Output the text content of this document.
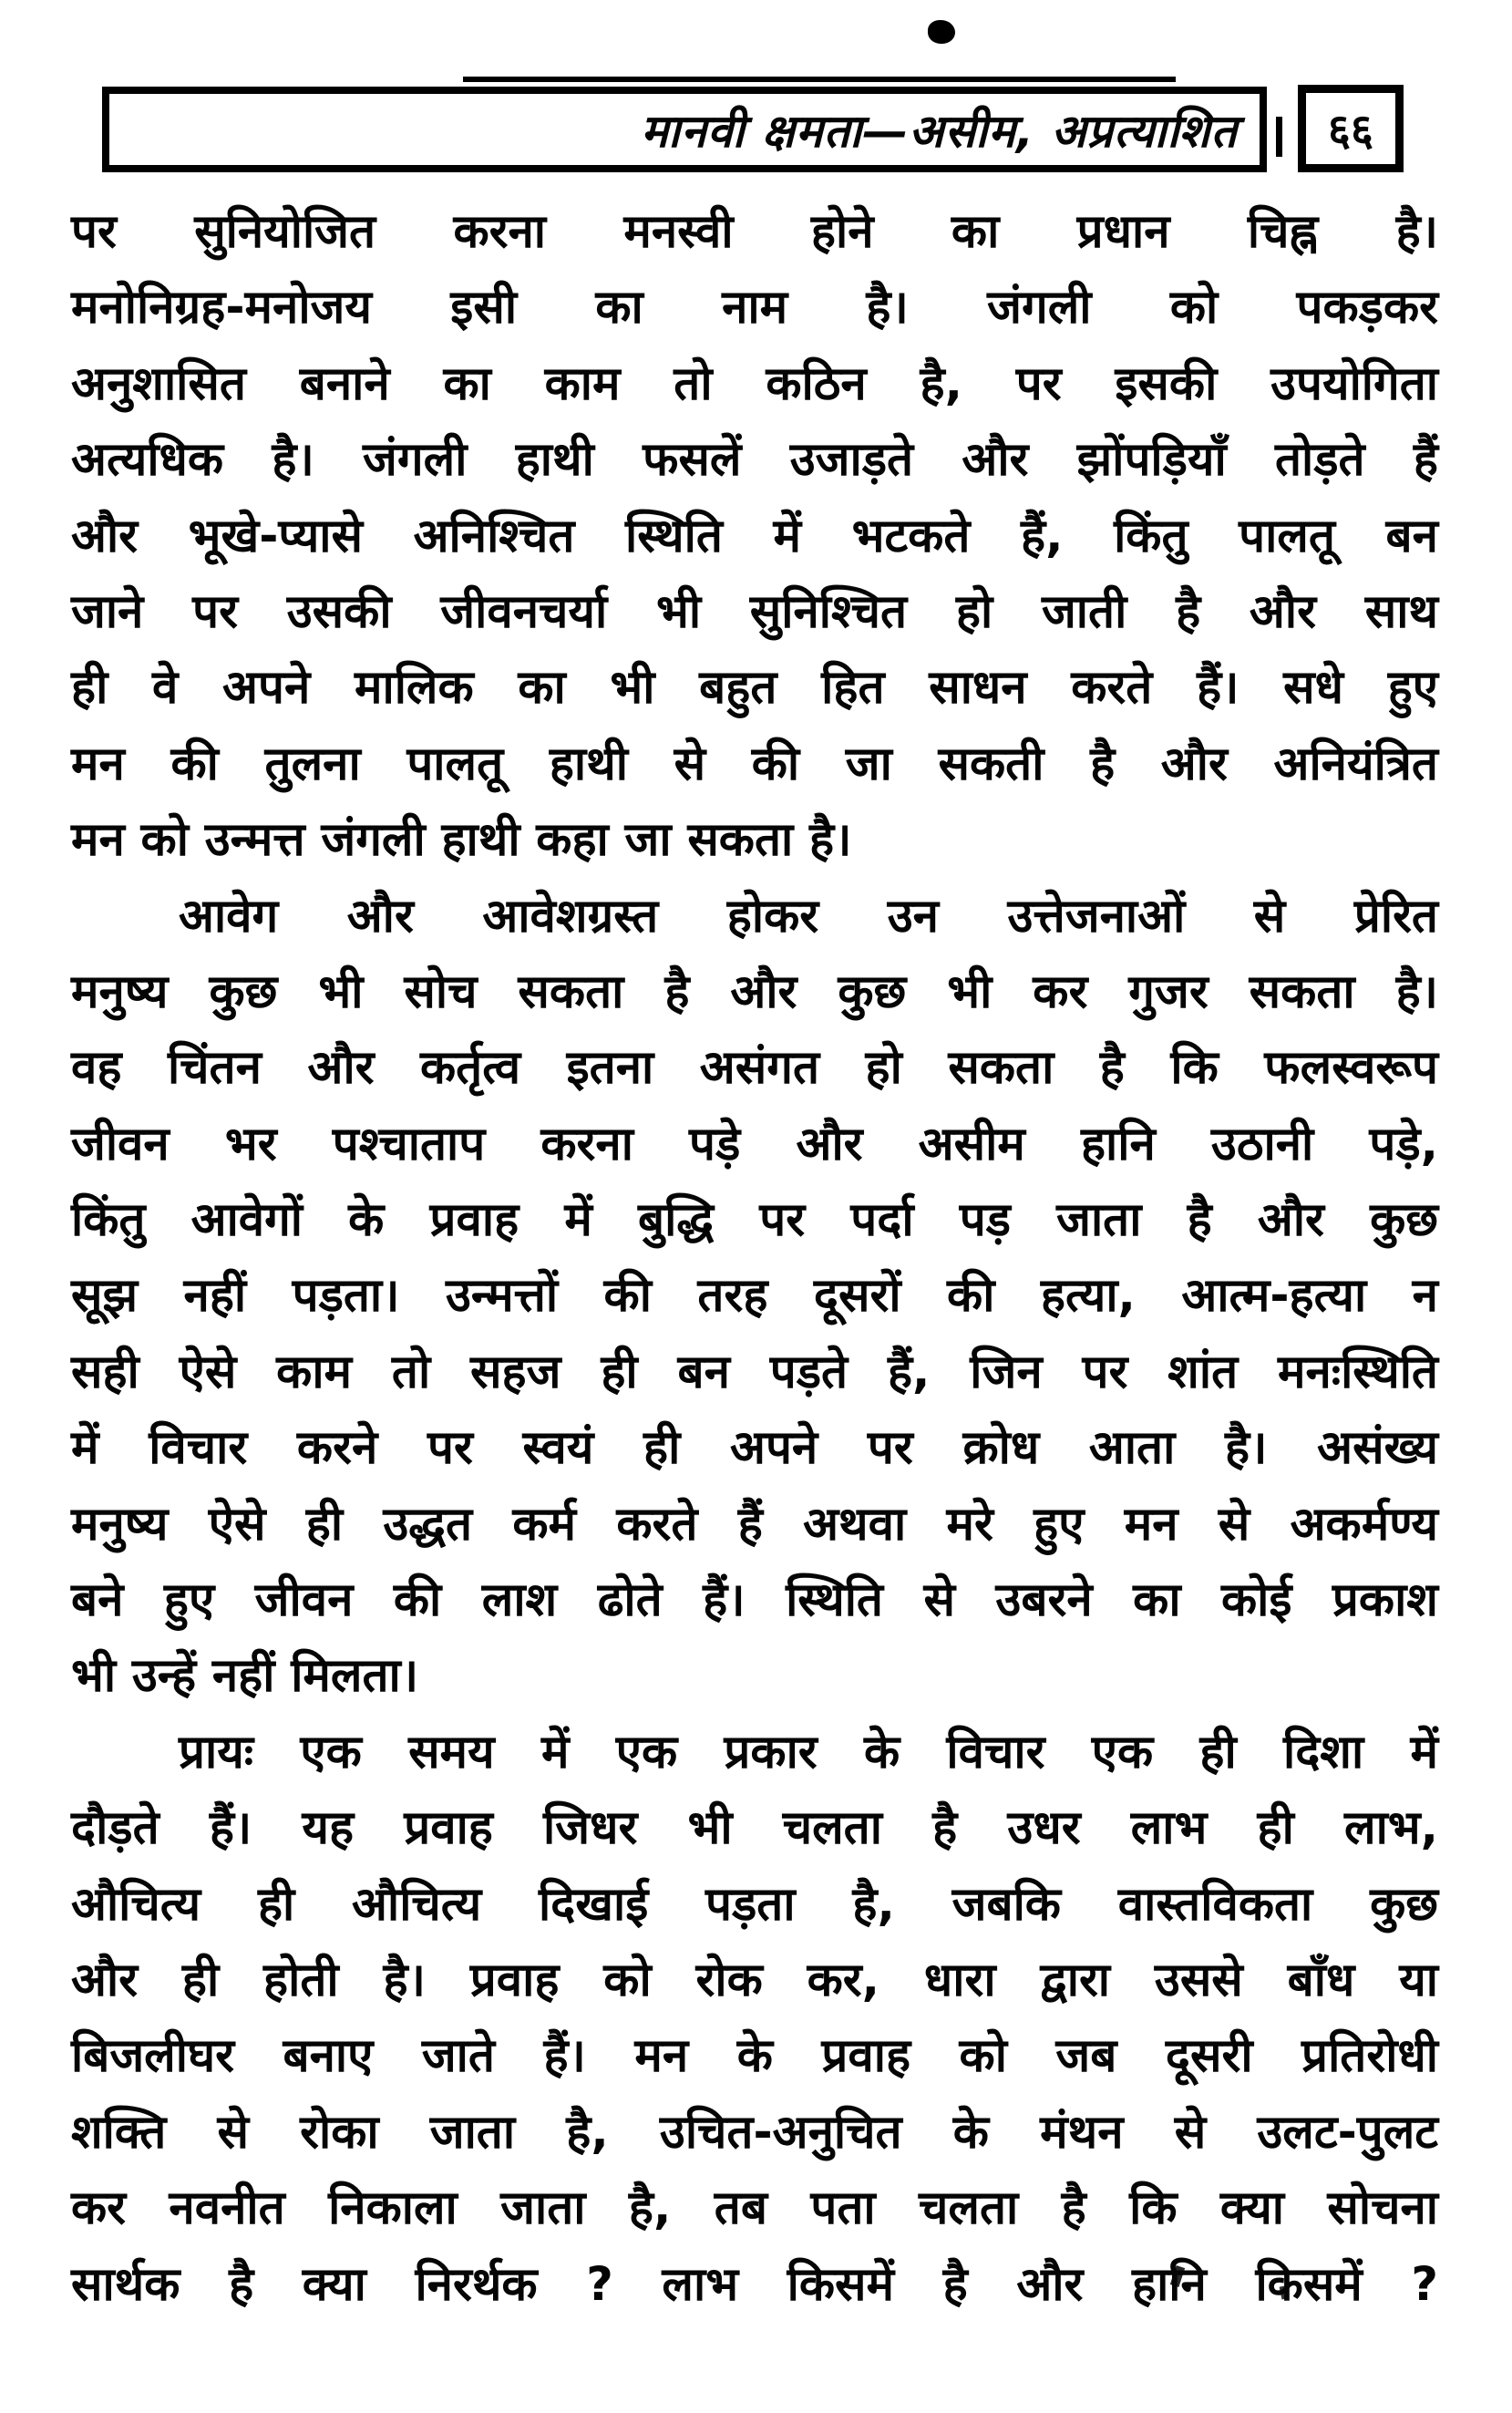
मानवी क्षमता—असीम, अप्रत्याशित ६६
पर सुनियोजित करना मनस्वी होने का प्रधान चिह्न है।
मनोनिग्रह-मनोजय इसी का नाम है। जंगली को पकड़कर
अनुशासित बनाने का काम तो कठिन है, पर इसकी उपयोगिता
अत्यधिक है। जंगली हाथी फसलें उजाड़ते और झोंपड़ियाँ तोड़ते हैं
और भूखे-प्यासे अनिश्चित स्थिति में भटकते हैं, किंतु पालतू बन
जाने पर उसकी जीवनचर्या भी सुनिश्चित हो जाती है और साथ
ही वे अपने मालिक का भी बहुत हित साधन करते हैं। सधे हुए
मन की तुलना पालतू हाथी से की जा सकती है और अनियंत्रित
मन को उन्मत्त जंगली हाथी कहा जा सकता है।
आवेग और आवेशग्रस्त होकर उन उत्तेजनाओं से प्रेरित
मनुष्य कुछ भी सोच सकता है और कुछ भी कर गुजर सकता है।
वह चिंतन और कर्तृत्व इतना असंगत हो सकता है कि फलस्वरूप
जीवन भर पश्चाताप करना पड़े और असीम हानि उठानी पड़े,
किंतु आवेगों के प्रवाह में बुद्धि पर पर्दा पड़ जाता है और कुछ
सूझ नहीं पड़ता। उन्मत्तों की तरह दूसरों की हत्या, आत्म-हत्या न
सही ऐसे काम तो सहज ही बन पड़ते हैं, जिन पर शांत मनःस्थिति
में विचार करने पर स्वयं ही अपने पर क्रोध आता है। असंख्य
मनुष्य ऐसे ही उद्धत कर्म करते हैं अथवा मरे हुए मन से अकर्मण्य
बने हुए जीवन की लाश ढोते हैं। स्थिति से उबरने का कोई प्रकाश
भी उन्हें नहीं मिलता।
प्रायः एक समय में एक प्रकार के विचार एक ही दिशा में
दौड़ते हैं। यह प्रवाह जिधर भी चलता है उधर लाभ ही लाभ,
औचित्य ही औचित्य दिखाई पड़ता है, जबकि वास्तविकता कुछ
और ही होती है। प्रवाह को रोक कर, धारा द्वारा उससे बाँध या
बिजलीघर बनाए जाते हैं। मन के प्रवाह को जब दूसरी प्रतिरोधी
शक्ति से रोका जाता है, उचित-अनुचित के मंथन से उलट-पुलट
कर नवनीत निकाला जाता है, तब पता चलता है कि क्या सोचना
सार्थक है क्या निरर्थक ? लाभ किसमें है और हानि किसमें ?
